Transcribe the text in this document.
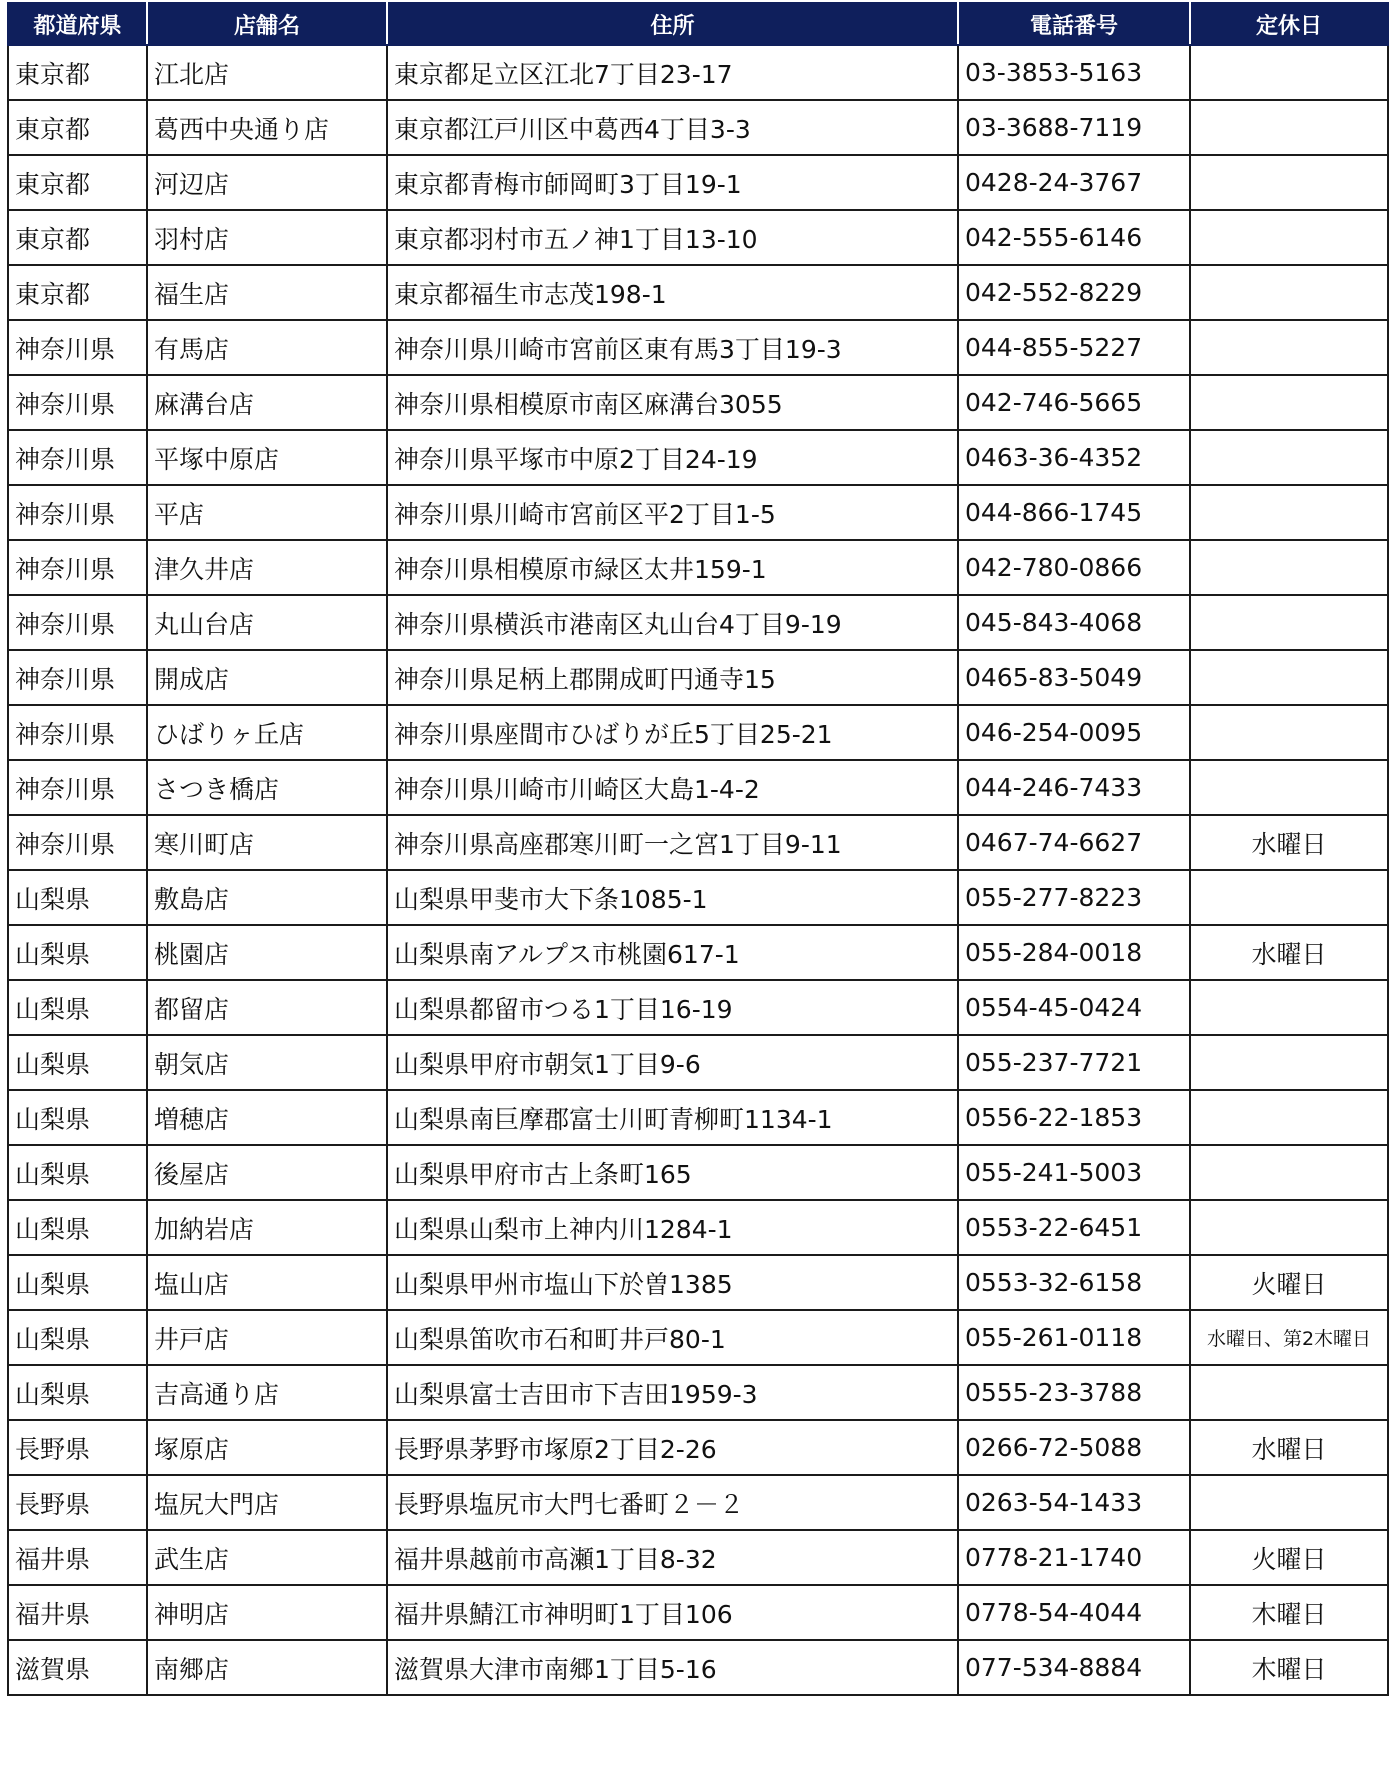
都道府県	店舗名	住所	電話番号	定休日
東京都	江北店	東京都足立区江北7丁目23-17	03-3853-5163	
東京都	葛西中央通り店	東京都江戸川区中葛西4丁目3-3	03-3688-7119	
東京都	河辺店	東京都青梅市師岡町3丁目19-1	0428-24-3767	
東京都	羽村店	東京都羽村市五ノ神1丁目13-10	042-555-6146	
東京都	福生店	東京都福生市志茂198-1	042-552-8229	
神奈川県	有馬店	神奈川県川崎市宮前区東有馬3丁目19-3	044-855-5227	
神奈川県	麻溝台店	神奈川県相模原市南区麻溝台3055	042-746-5665	
神奈川県	平塚中原店	神奈川県平塚市中原2丁目24-19	0463-36-4352	
神奈川県	平店	神奈川県川崎市宮前区平2丁目1-5	044-866-1745	
神奈川県	津久井店	神奈川県相模原市緑区太井159-1	042-780-0866	
神奈川県	丸山台店	神奈川県横浜市港南区丸山台4丁目9-19	045-843-4068	
神奈川県	開成店	神奈川県足柄上郡開成町円通寺15	0465-83-5049	
神奈川県	ひばりヶ丘店	神奈川県座間市ひばりが丘5丁目25-21	046-254-0095	
神奈川県	さつき橋店	神奈川県川崎市川崎区大島1-4-2	044-246-7433	
神奈川県	寒川町店	神奈川県高座郡寒川町一之宮1丁目9-11	0467-74-6627	水曜日
山梨県	敷島店	山梨県甲斐市大下条1085-1	055-277-8223	
山梨県	桃園店	山梨県南アルプス市桃園617-1	055-284-0018	水曜日
山梨県	都留店	山梨県都留市つる1丁目16-19	0554-45-0424	
山梨県	朝気店	山梨県甲府市朝気1丁目9-6	055-237-7721	
山梨県	増穂店	山梨県南巨摩郡富士川町青柳町1134-1	0556-22-1853	
山梨県	後屋店	山梨県甲府市古上条町165	055-241-5003	
山梨県	加納岩店	山梨県山梨市上神内川1284-1	0553-22-6451	
山梨県	塩山店	山梨県甲州市塩山下於曽1385	0553-32-6158	火曜日
山梨県	井戸店	山梨県笛吹市石和町井戸80-1	055-261-0118	水曜日、第2木曜日
山梨県	吉高通り店	山梨県富士吉田市下吉田1959-3	0555-23-3788	
長野県	塚原店	長野県茅野市塚原2丁目2-26	0266-72-5088	水曜日
長野県	塩尻大門店	長野県塩尻市大門七番町２－２	0263-54-1433	
福井県	武生店	福井県越前市高瀬1丁目8-32	0778-21-1740	火曜日
福井県	神明店	福井県鯖江市神明町1丁目106	0778-54-4044	木曜日
滋賀県	南郷店	滋賀県大津市南郷1丁目5-16	077-534-8884	木曜日
